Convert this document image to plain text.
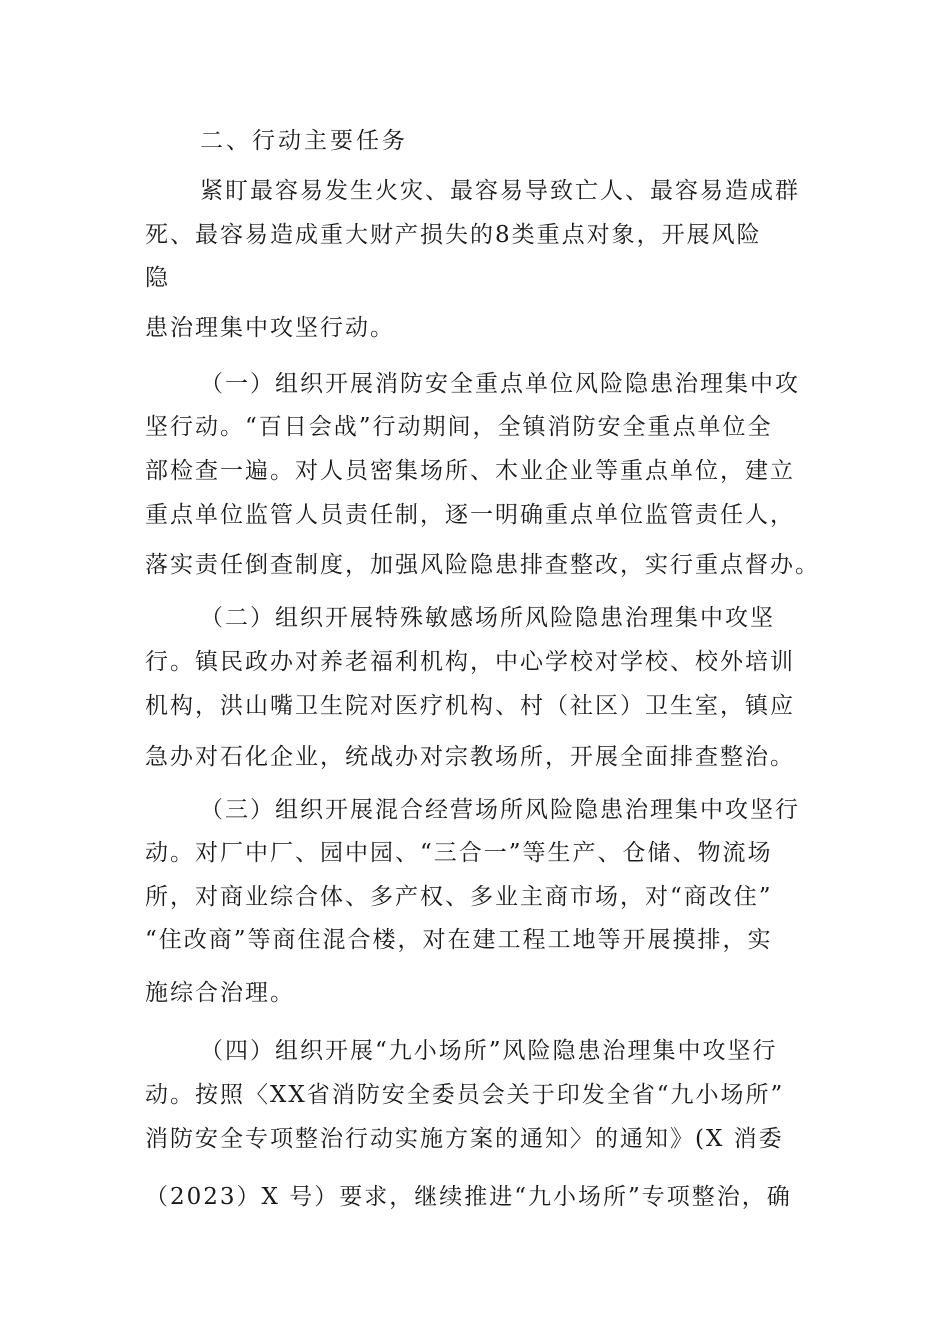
二、行动主要任务
紧盯最容易发生火灾、最容易导致亡人、最容易造成群
死、最容易造成重大财产损失的8类重点对象，开展风险
隐
患治理集中攻坚行动。
（一）组织开展消防安全重点单位风险隐患治理集中攻
坚行动。“百日会战”行动期间，全镇消防安全重点单位全
部检查一遍。对人员密集场所、木业企业等重点单位，建立
重点单位监管人员责任制，逐一明确重点单位监管责任人，
落实责任倒查制度，加强风险隐患排查整改，实行重点督办。
（二）组织开展特殊敏感场所风险隐患治理集中攻坚
行。镇民政办对养老福利机构，中心学校对学校、校外培训
机构，洪山嘴卫生院对医疗机构、村（社区）卫生室，镇应
急办对石化企业，统战办对宗教场所，开展全面排查整治。
（三）组织开展混合经营场所风险隐患治理集中攻坚行
动。对厂中厂、园中园、“三合一”等生产、仓储、物流场
所，对商业综合体、多产权、多业主商市场，对“商改住”
“住改商”等商住混合楼，对在建工程工地等开展摸排，实
施综合治理。
（四）组织开展“九小场所”风险隐患治理集中攻坚行
动。按照〈XX省消防安全委员会关于印发全省“九小场所”
消防安全专项整治行动实施方案的通知〉的通知》(X 消委
（2023）X 号）要求，继续推进“九小场所”专项整治，确
